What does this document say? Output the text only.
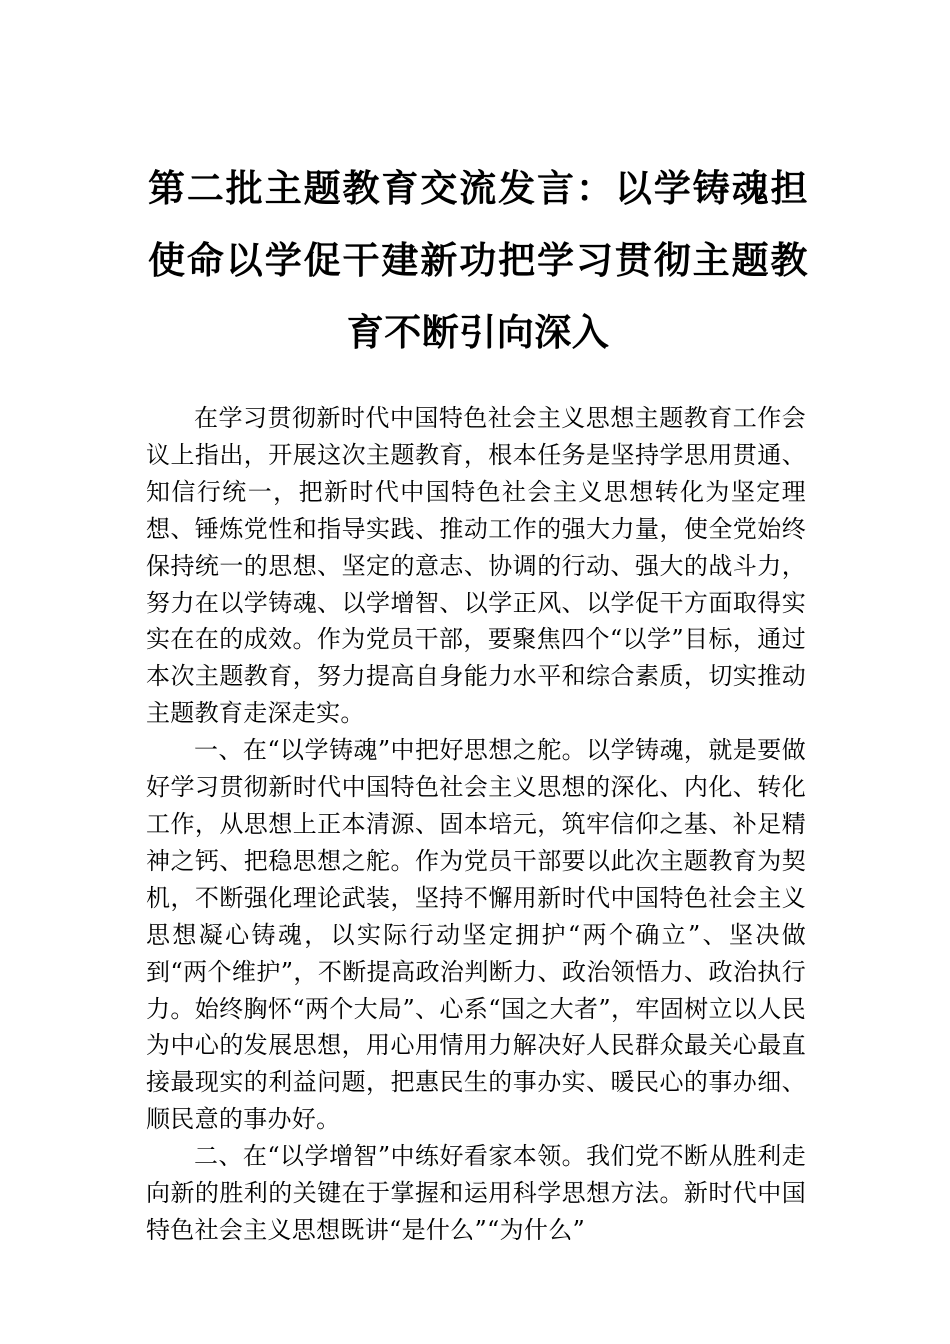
第二批主题教育交流发言：以学铸魂担使命以学促干建新功把学习贯彻主题教育不断引向深入

在学习贯彻新时代中国特色社会主义思想主题教育工作会议上指出，开展这次主题教育，根本任务是坚持学思用贯通、知信行统一，把新时代中国特色社会主义思想转化为坚定理想、锤炼党性和指导实践、推动工作的强大力量，使全党始终保持统一的思想、坚定的意志、协调的行动、强大的战斗力，努力在以学铸魂、以学增智、以学正风、以学促干方面取得实实在在的成效。作为党员干部，要聚焦四个“以学”目标，通过本次主题教育，努力提高自身能力水平和综合素质，切实推动主题教育走深走实。

一、在“以学铸魂”中把好思想之舵。以学铸魂，就是要做好学习贯彻新时代中国特色社会主义思想的深化、内化、转化工作，从思想上正本清源、固本培元，筑牢信仰之基、补足精神之钙、把稳思想之舵。作为党员干部要以此次主题教育为契机，不断强化理论武装，坚持不懈用新时代中国特色社会主义思想凝心铸魂，以实际行动坚定拥护“两个确立”、坚决做到“两个维护”，不断提高政治判断力、政治领悟力、政治执行力。始终胸怀“两个大局”、心系“国之大者”，牢固树立以人民为中心的发展思想，用心用情用力解决好人民群众最关心最直接最现实的利益问题，把惠民生的事办实、暖民心的事办细、顺民意的事办好。

二、在“以学增智”中练好看家本领。我们党不断从胜利走向新的胜利的关键在于掌握和运用科学思想方法。新时代中国特色社会主义思想既讲“是什么”“为什么”
